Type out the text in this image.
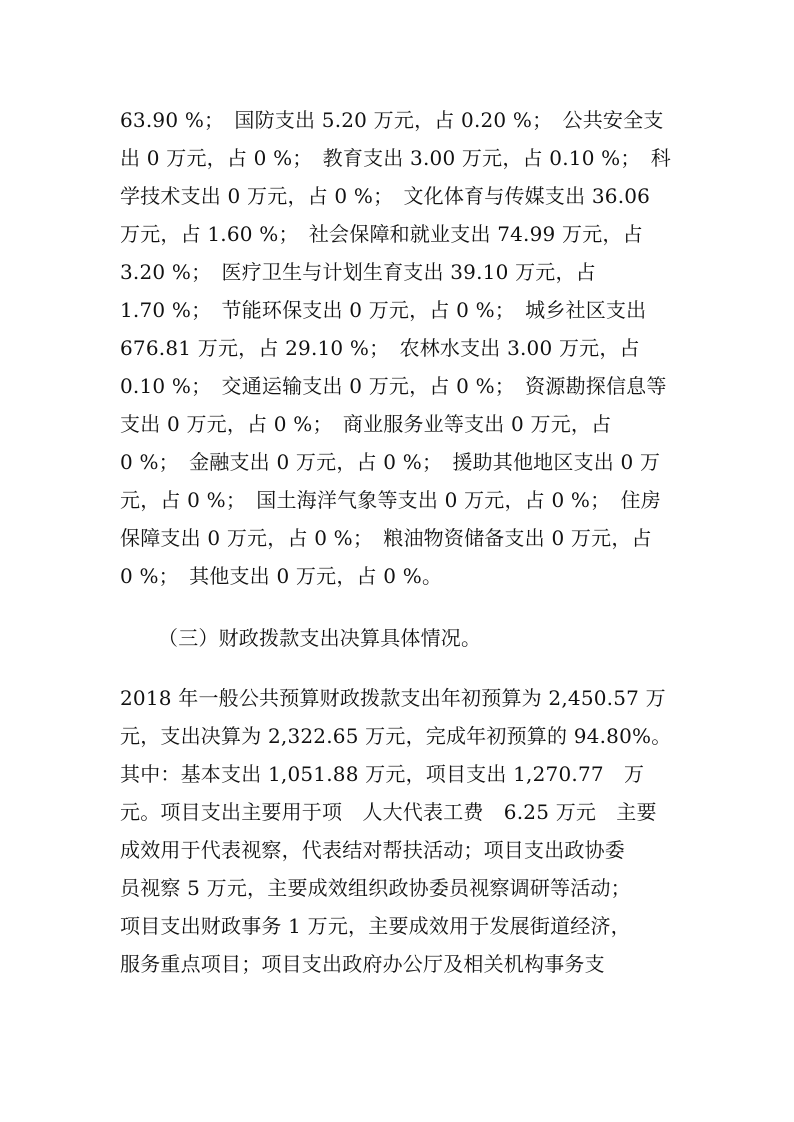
63.90 %；　国防支出 5.20 万元，占 0.20 %；　公共安全支
出 0 万元，占 0 %；　教育支出 3.00 万元，占 0.10 %；　科
学技术支出 0 万元，占 0 %；　文化体育与传媒支出 36.06
万元，占 1.60 %；　社会保障和就业支出 74.99 万元，占
3.20 %；　医疗卫生与计划生育支出 39.10 万元，占
1.70 %；　节能环保支出 0 万元，占 0 %；　城乡社区支出
676.81 万元，占 29.10 %；　农林水支出 3.00 万元，占
0.10 %；　交通运输支出 0 万元，占 0 %；　资源勘探信息等
支出 0 万元，占 0 %；　商业服务业等支出 0 万元，占
0 %；　金融支出 0 万元，占 0 %；　援助其他地区支出 0 万
元，占 0 %；　国土海洋气象等支出 0 万元，占 0 %；　住房
保障支出 0 万元，占 0 %；　粮油物资储备支出 0 万元，占
0 %；　其他支出 0 万元，占 0 %。
（三）财政拨款支出决算具体情况。
2018 年一般公共预算财政拨款支出年初预算为 2,450.57 万
元，支出决算为 2,322.65 万元，完成年初预算的 94.80%。
其中：基本支出 1,051.88 万元，项目支出 1,270.77　万
元。项目支出主要用于项　人大代表工费　6.25 万元　主要
成效用于代表视察，代表结对帮扶活动；项目支出政协委
员视察 5 万元，主要成效组织政协委员视察调研等活动；
项目支出财政事务 1 万元，主要成效用于发展街道经济，
服务重点项目；项目支出政府办公厅及相关机构事务支
